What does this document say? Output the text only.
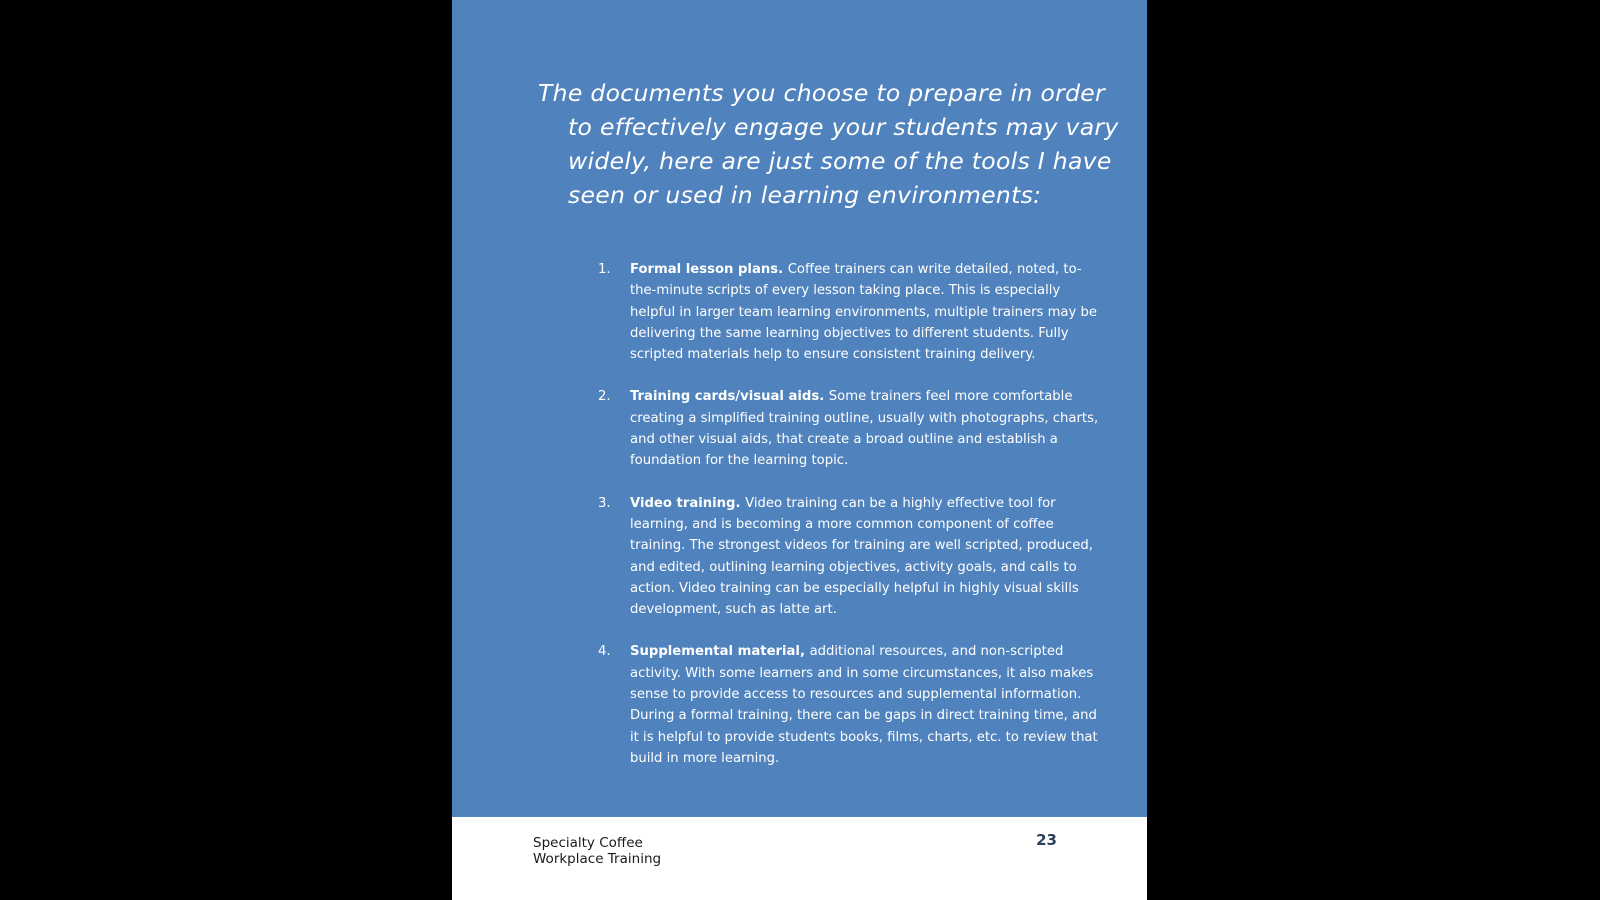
The documents you choose to prepare in order to effectively engage your students may vary widely, here are just some of the tools I have seen or used in learning environments:

1. Formal lesson plans. Coffee trainers can write detailed, noted, to-the-minute scripts of every lesson taking place. This is especially helpful in larger team learning environments, multiple trainers may be delivering the same learning objectives to different students. Fully scripted materials help to ensure consistent training delivery.
2. Training cards/visual aids. Some trainers feel more comfortable creating a simplified training outline, usually with photographs, charts, and other visual aids, that create a broad outline and establish a foundation for the learning topic.
3. Video training. Video training can be a highly effective tool for learning, and is becoming a more common component of coffee training. The strongest videos for training are well scripted, produced, and edited, outlining learning objectives, activity goals, and calls to action. Video training can be especially helpful in highly visual skills development, such as latte art.
4. Supplemental material, additional resources, and non-scripted activity. With some learners and in some circumstances, it also makes sense to provide access to resources and supplemental information. During a formal training, there can be gaps in direct training time, and it is helpful to provide students books, films, charts, etc. to review that build in more learning.
Specialty Coffee
Workplace Training
23
